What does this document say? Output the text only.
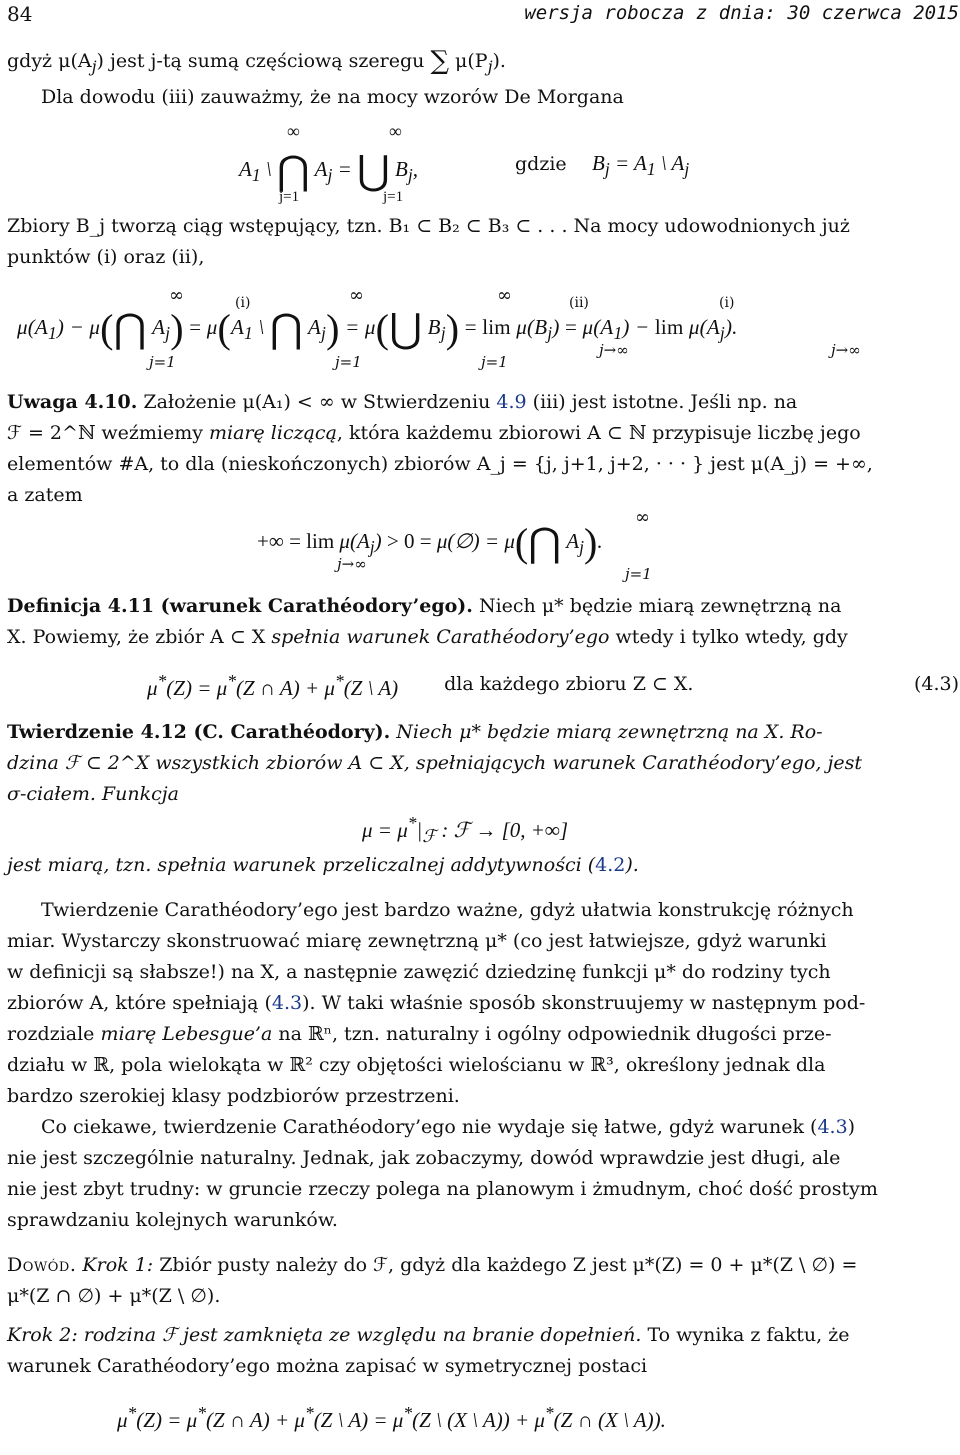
84	wersja robocza z dnia: 30 czerwca 2015

gdyż $\mu(A_j)$ jest j-tą sumą częściową szeregu ∑ $\mu(P_j)$.

Dla dowodu (iii) zauważmy, że na mocy wzorów De Morgana

∞	∞
$A_1$ \ ⋂ $A_j$ = ⋃ $B_j$,
j=1	j=1
gdzie $B_j = A_1$ \ $A_j$

Zbiory B_j tworzą ciąg wstępujący, tzn. B₁ ⊂ B₂ ⊂ B₃ ⊂ . . . Na mocy udowodnionych już

punktów (i) oraz (ii),

$\mu(A_1)$ − μ(⋂ $A_j) = \mu(A_1$ \ ⋂ $A_j$) = μ(⋃ $B_j) = \lim \mu(B_j) = \mu(A_1) - \lim \mu(A_j)$.
(i)	(ii)	(i)
∞	∞	∞
j=1	j=1	j=1
j→∞	j→∞

Uwaga 4.10. Założenie μ(A₁) < ∞ w Stwierdzeniu 4.9 (iii) jest istotne. Jeśli np. na

ℱ = 2^ℕ weźmiemy miarę liczącą, która każdemu zbiorowi A ⊂ ℕ przypisuje liczbę jego

elementów #A, to dla (nieskończonych) zbiorów A_j = {j, j+1, j+2, · · · } jest μ(A_j) = +∞,

a zatem

+∞ = $\lim \mu(A_j) > 0$ = μ(∅) = μ(⋂ $A_j$).
∞
j=1
j→∞

Definicja 4.11 (warunek Carathéodory’ego). Niech μ* będzie miarą zewnętrzną na

X. Powiemy, że zbiór A ⊂ X spełnia warunek Carathéodory’ego wtedy i tylko wtedy, gdy

μ*(Z) = μ*(Z ∩ A) + μ*(Z \ A) dla każdego zbioru Z ⊂ X.	(4.3)

Twierdzenie 4.12 (C. Carathéodory). Niech μ* będzie miarą zewnętrzną na X. Ro-

dzina ℱ ⊂ 2^X wszystkich zbiorów A ⊂ X, spełniających warunek Carathéodory’ego, jest

σ-ciałem. Funkcja

$\mu = \mu^*|_ℱ$ : ℱ → [0, +∞]

jest miarą, tzn. spełnia warunek przeliczalnej addytywności (4.2).

Twierdzenie Carathéodory’ego jest bardzo ważne, gdyż ułatwia konstrukcję różnych

miar. Wystarczy skonstruować miarę zewnętrzną μ* (co jest łatwiejsze, gdyż warunki

w definicji są słabsze!) na X, a następnie zawęzić dziedzinę funkcji μ* do rodziny tych

zbiorów A, które spełniają (4.3). W taki właśnie sposób skonstruujemy w następnym pod-

rozdziale miarę Lebesgue’a na ℝⁿ, tzn. naturalny i ogólny odpowiednik długości prze-

działu w ℝ, pola wielokąta w ℝ² czy objętości wielościanu w ℝ³, określony jednak dla

bardzo szerokiej klasy podzbiorów przestrzeni.

Co ciekawe, twierdzenie Carathéodory’ego nie wydaje się łatwe, gdyż warunek (4.3)

nie jest szczególnie naturalny. Jednak, jak zobaczymy, dowód wprawdzie jest długi, ale

nie jest zbyt trudny: w gruncie rzeczy polega na planowym i żmudnym, choć dość prostym

sprawdzaniu kolejnych warunków.

Dowód. Krok 1: Zbiór pusty należy do ℱ, gdyż dla każdego Z jest μ*(Z) = 0 + μ*(Z \ ∅) =

μ*(Z ∩ ∅) + μ*(Z \ ∅).

Krok 2: rodzina ℱ jest zamknięta ze względu na branie dopełnień. To wynika z faktu, że

warunek Carathéodory’ego można zapisać w symetrycznej postaci

μ*(Z) = μ*(Z ∩ A) + μ*(Z \ A) = μ*(Z \ (X \ A)) + μ*(Z ∩ (X \ A)).
